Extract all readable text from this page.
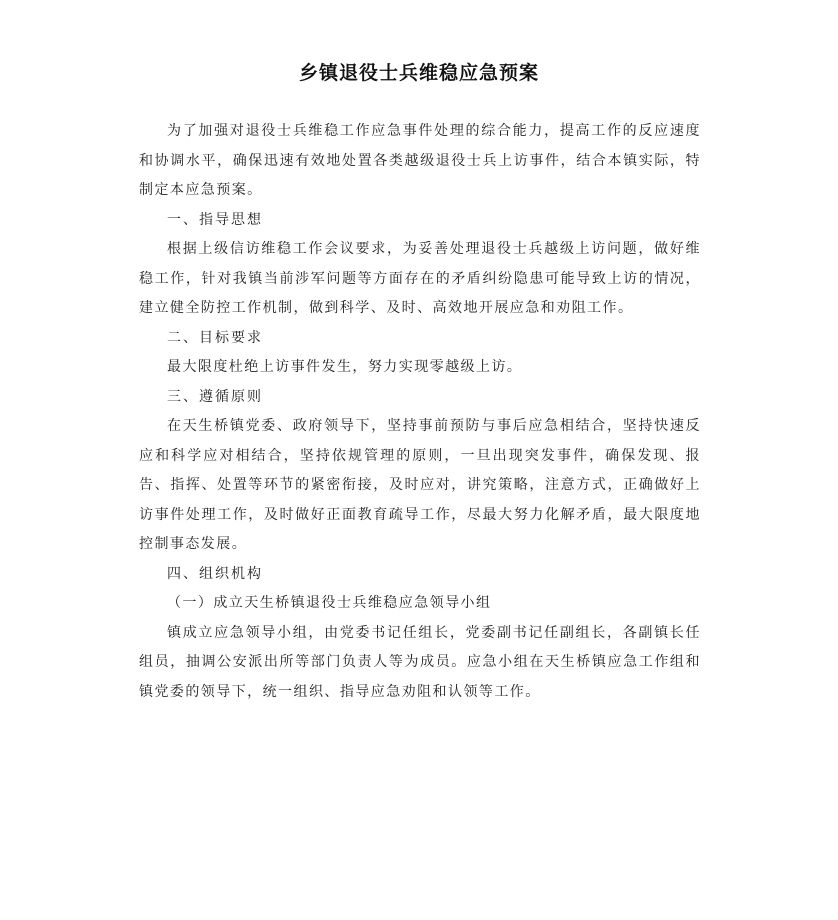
乡镇退役士兵维稳应急预案

为了加强对退役士兵维稳工作应急事件处理的综合能力，提高工作的反应速度和协调水平，确保迅速有效地处置各类越级退役士兵上访事件，结合本镇实际，特制定本应急预案。

一、指导思想

根据上级信访维稳工作会议要求，为妥善处理退役士兵越级上访问题，做好维稳工作，针对我镇当前涉军问题等方面存在的矛盾纠纷隐患可能导致上访的情况，建立健全防控工作机制，做到科学、及时、高效地开展应急和劝阻工作。

二、目标要求

最大限度杜绝上访事件发生，努力实现零越级上访。

三、遵循原则

在天生桥镇党委、政府领导下，坚持事前预防与事后应急相结合，坚持快速反应和科学应对相结合，坚持依规管理的原则，一旦出现突发事件，确保发现、报告、指挥、处置等环节的紧密衔接，及时应对，讲究策略，注意方式，正确做好上访事件处理工作，及时做好正面教育疏导工作，尽最大努力化解矛盾，最大限度地控制事态发展。

四、组织机构

（一）成立天生桥镇退役士兵维稳应急领导小组

镇成立应急领导小组，由党委书记任组长，党委副书记任副组长，各副镇长任组员，抽调公安派出所等部门负责人等为成员。应急小组在天生桥镇应急工作组和镇党委的领导下，统一组织、指导应急劝阻和认领等工作。
